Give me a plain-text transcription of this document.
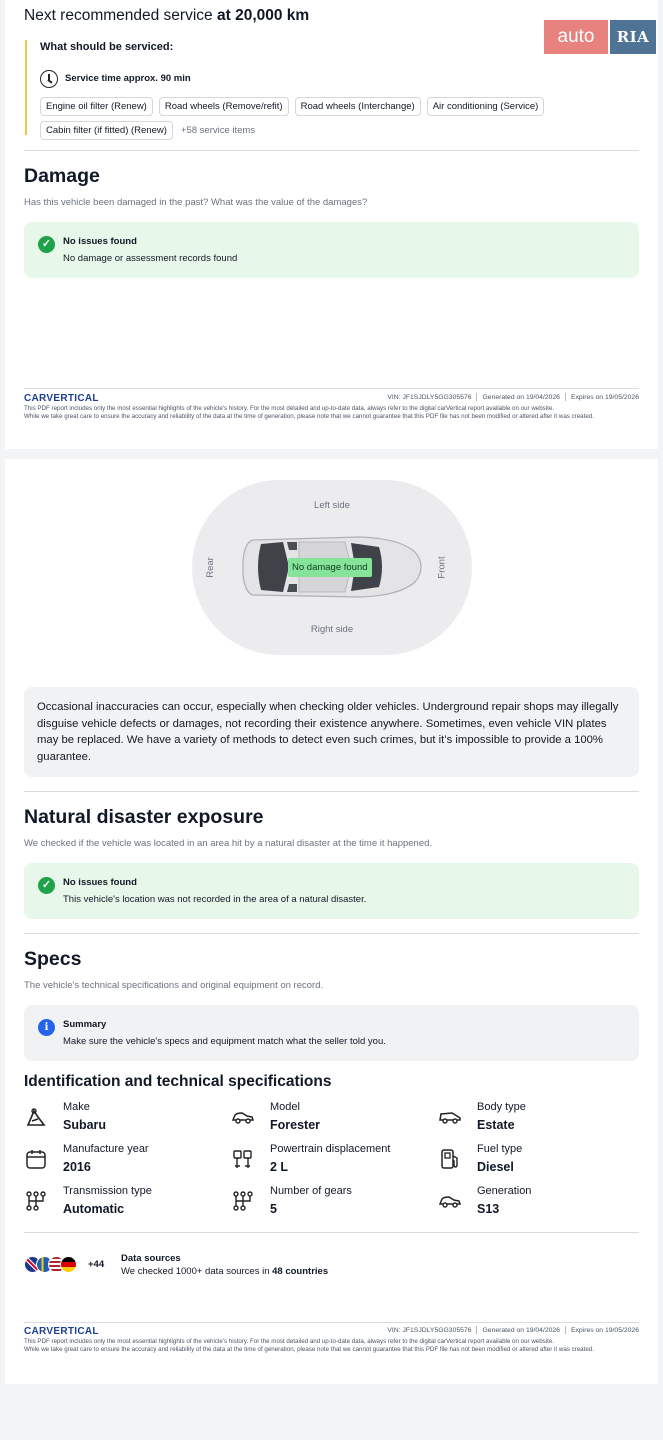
Next recommended service at 20,000 km
What should be serviced:
Service time approx. 90 min
Engine oil filter (Renew)	Road wheels (Remove/refit)	Road wheels (Interchange)	Air conditioning (Service)
Cabin filter (if fitted) (Renew)	+58 service items
Damage
Has this vehicle been damaged in the past? What was the value of the damages?
✓	No issues found
No damage or assessment records found
CARVERTICAL	VIN: JF1SJDLY5GG305576 Generated on 19/04/2026 Expires on 19/05/2026
This PDF report includes only the most essential highlights of the vehicle's history. For the most detailed and up-to-date data, always refer to the digital carVertical report available on our website.
While we take great care to ensure the accuracy and reliability of the data at the time of generation, please note that we cannot guarantee that this PDF file has not been modified or altered after it was created.
auto	RIA
Left side
Right side
Rear	Front
No damage found
Occasional inaccuracies can occur, especially when checking older vehicles. Underground repair shops may illegally disguise vehicle defects or damages, not recording their existence anywhere. Sometimes, even vehicle VIN plates may be replaced. We have a variety of methods to detect even such crimes, but it’s impossible to provide a 100% guarantee.
Natural disaster exposure
We checked if the vehicle was located in an area hit by a natural disaster at the time it happened.
✓	No issues found
This vehicle's location was not recorded in the area of a natural disaster.
Specs
The vehicle's technical specifications and original equipment on record.
i	Summary
Make sure the vehicle's specs and equipment match what the seller told you.
Identification and technical specifications
Make
Subaru
Model
Forester
Body type
Estate
Manufacture year
2016
Powertrain displacement
2 L
Fuel type
Diesel
Transmission type
Automatic
Number of gears
5
Generation
S13
+44
Data sources
We checked 1000+ data sources in 48 countries
CARVERTICAL	VIN: JF1SJDLY5GG305576 Generated on 19/04/2026 Expires on 19/05/2026
This PDF report includes only the most essential highlights of the vehicle's history. For the most detailed and up-to-date data, always refer to the digital carVertical report available on our website.
While we take great care to ensure the accuracy and reliability of the data at the time of generation, please note that we cannot guarantee that this PDF file has not been modified or altered after it was created.
